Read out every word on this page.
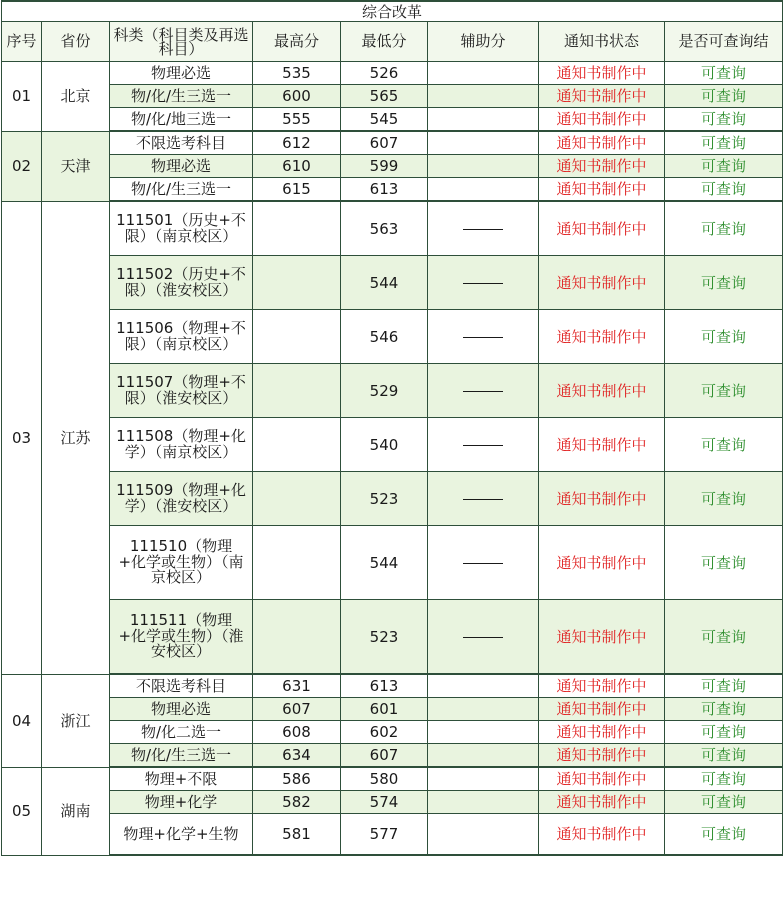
综合改革							
序号	省份	科类（科目类及再选科目）	最高分	最低分	辅助分	通知书状态	是否可查询结
01	北京	物理必选	535	526		通知书制作中	可查询
		物/化/生三选一	600	565		通知书制作中	可查询
		物/化/地三选一	555	545		通知书制作中	可查询
02	天津	不限选考科目	612	607		通知书制作中	可查询
		物理必选	610	599		通知书制作中	可查询
		物/化/生三选一	615	613		通知书制作中	可查询
03	江苏	111501（历史+不限）（南京校区）		563		通知书制作中	可查询
		111502（历史+不限）（淮安校区）		544		通知书制作中	可查询
		111506（物理+不限）（南京校区）		546		通知书制作中	可查询
		111507（物理+不限）（淮安校区）		529		通知书制作中	可查询
		111508（物理+化学）（南京校区）		540		通知书制作中	可查询
		111509（物理+化学）（淮安校区）		523		通知书制作中	可查询
		111510（物理+化学或生物）（南京校区）		544		通知书制作中	可查询
		111511（物理+化学或生物）（淮安校区）		523		通知书制作中	可查询
04	浙江	不限选考科目	631	613		通知书制作中	可查询
		物理必选	607	601		通知书制作中	可查询
		物/化二选一	608	602		通知书制作中	可查询
		物/化/生三选一	634	607		通知书制作中	可查询
05	湖南	物理+不限	586	580		通知书制作中	可查询
		物理+化学	582	574		通知书制作中	可查询
		物理+化学+生物	581	577		通知书制作中	可查询
